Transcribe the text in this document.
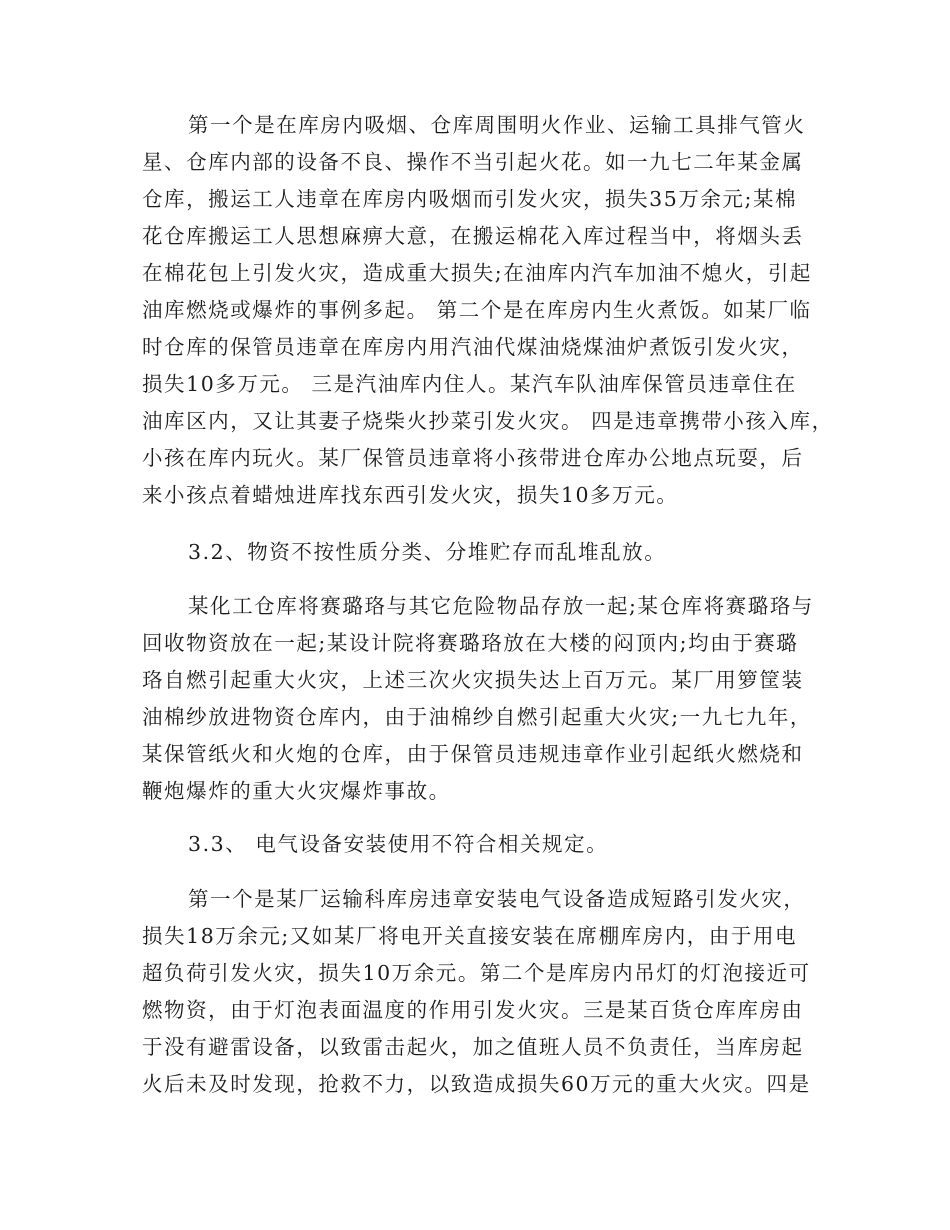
第一个是在库房内吸烟、仓库周围明火作业、运输工具排气管火
星、仓库内部的设备不良、操作不当引起火花。如一九七二年某金属
仓库，搬运工人违章在库房内吸烟而引发火灾，损失35万余元;某棉
花仓库搬运工人思想麻痹大意，在搬运棉花入库过程当中，将烟头丢
在棉花包上引发火灾，造成重大损失;在油库内汽车加油不熄火，引起
油库燃烧或爆炸的事例多起。 第二个是在库房内生火煮饭。如某厂临
时仓库的保管员违章在库房内用汽油代煤油烧煤油炉煮饭引发火灾，
损失10多万元。 三是汽油库内住人。某汽车队油库保管员违章住在
油库区内，又让其妻子烧柴火抄菜引发火灾。 四是违章携带小孩入库，
小孩在库内玩火。某厂保管员违章将小孩带进仓库办公地点玩耍，后
来小孩点着蜡烛进库找东西引发火灾，损失10多万元。
3.2、物资不按性质分类、分堆贮存而乱堆乱放。
某化工仓库将赛璐珞与其它危险物品存放一起;某仓库将赛璐珞与
回收物资放在一起;某设计院将赛璐珞放在大楼的闷顶内;均由于赛璐
珞自燃引起重大火灾，上述三次火灾损失达上百万元。某厂用箩筐装
油棉纱放进物资仓库内，由于油棉纱自燃引起重大火灾;一九七九年，
某保管纸火和火炮的仓库，由于保管员违规违章作业引起纸火燃烧和
鞭炮爆炸的重大火灾爆炸事故。
3.3、 电气设备安装使用不符合相关规定。
第一个是某厂运输科库房违章安装电气设备造成短路引发火灾，
损失18万余元;又如某厂将电开关直接安装在席棚库房内，由于用电
超负荷引发火灾，损失10万余元。第二个是库房内吊灯的灯泡接近可
燃物资，由于灯泡表面温度的作用引发火灾。三是某百货仓库库房由
于没有避雷设备，以致雷击起火，加之值班人员不负责任，当库房起
火后未及时发现，抢救不力，以致造成损失60万元的重大火灾。四是
